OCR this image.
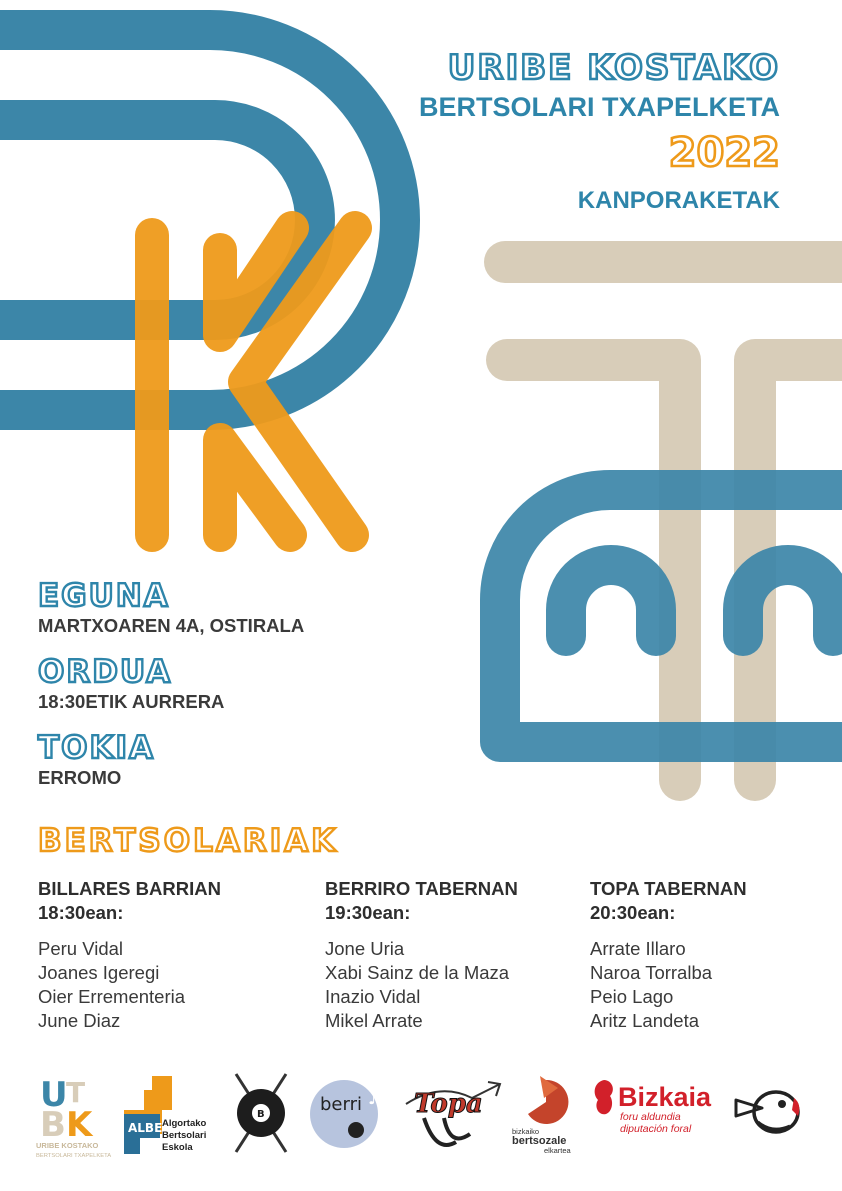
URIBE KOSTAKO
BERTSOLARI TXAPELKETA
2022
KANPORAKETAK
EGUNA
MARTXOAREN 4A, OSTIRALA
ORDUA
18:30ETIK AURRERA
TOKIA
ERROMO
BERTSOLARIAK
BILLARES BARRIAN
18:30ean:
Peru Vidal
Joanes Igeregi
Oier Errementeria
June Diaz
BERRIRO TABERNAN
19:30ean:
Jone Uria
Xabi Sainz de la Maza
Inazio Vidal
Mikel Arrate
TOPA TABERNAN
20:30ean:
Arrate Illaro
Naroa Torralba
Peio Lago
Aritz Landeta
U
T
B K
URIBE KOSTAKO
BERTSOLARI TXAPELKETA
ALBE Algortako
Bertsolari
Eskola
B	berri ♪ Topa
bizkaiko
bertsozale
elkartea
Bizkaia
foru aldundia
diputación foral
